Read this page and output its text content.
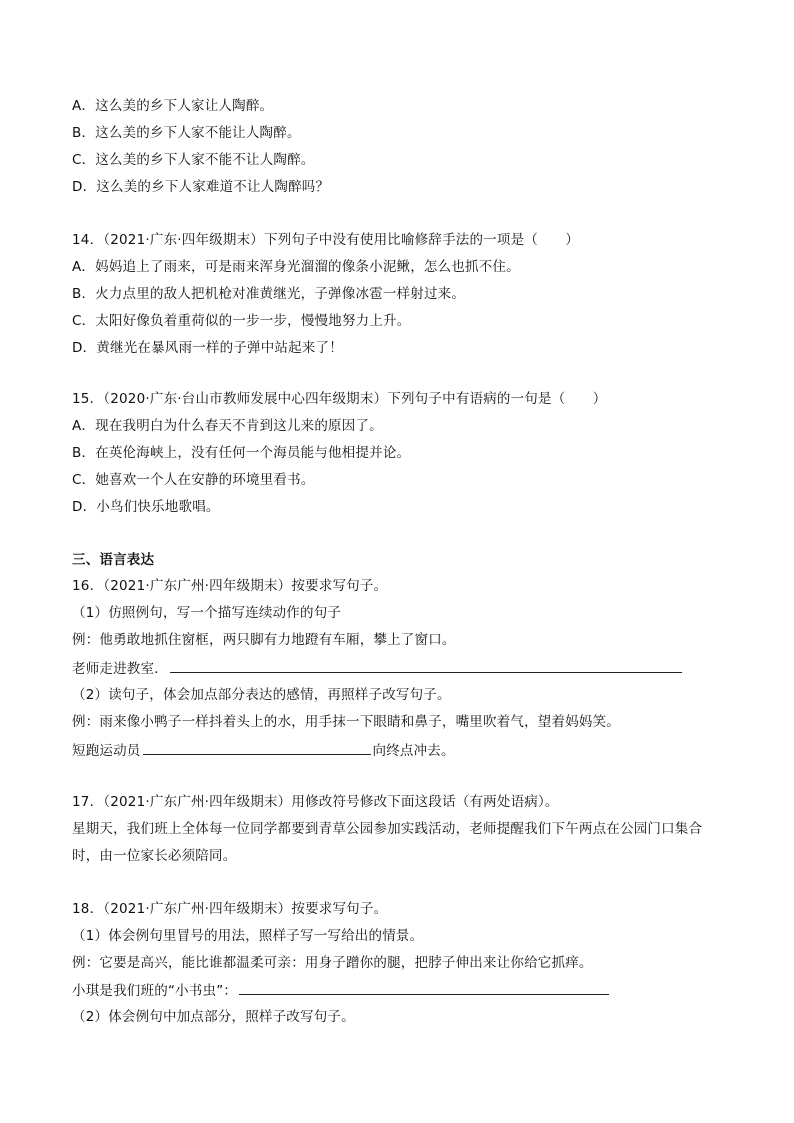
A．这么美的乡下人家让人陶醉。
B．这么美的乡下人家不能让人陶醉。
C．这么美的乡下人家不能不让人陶醉。
D．这么美的乡下人家难道不让人陶醉吗？
14．（2021·广东·四年级期末）下列句子中没有使用比喻修辞手法的一项是（　　）
A．妈妈追上了雨来，可是雨来浑身光溜溜的像条小泥鳅，怎么也抓不住。
B．火力点里的敌人把机枪对准黄继光，子弹像冰雹一样射过来。
C．太阳好像负着重荷似的一步一步，慢慢地努力上升。
D．黄继光在暴风雨一样的子弹中站起来了！
15．（2020·广东·台山市教师发展中心四年级期末）下列句子中有语病的一句是（　　）
A．现在我明白为什么春天不肯到这儿来的原因了。
B．在英伦海峡上，没有任何一个海员能与他相提并论。
C．她喜欢一个人在安静的环境里看书。
D．小鸟们快乐地歌唱。
三、语言表达
16．（2021·广东广州·四年级期末）按要求写句子。
（1）仿照例句，写一个描写连续动作的句子
例：他勇敢地抓住窗框，两只脚有力地蹬有车厢，攀上了窗口。
老师走进教室．
（2）读句子，体会加点部分表达的感情，再照样子改写句子。
例：雨来像小鸭子一样抖着头上的水，用手抹一下眼睛和鼻子，嘴里吹着气，望着妈妈笑。
短跑运动员	向终点冲去。
17．（2021·广东广州·四年级期末）用修改符号修改下面这段话（有两处语病）。
星期天，我们班上全体每一位同学都要到青草公园参加实践活动，老师提醒我们下午两点在公园门口集合
时，由一位家长必须陪同。
18．（2021·广东广州·四年级期末）按要求写句子。
（1）体会例句里冒号的用法，照样子写一写给出的情景。
例：它要是高兴，能比谁都温柔可亲：用身子蹭你的腿，把脖子伸出来让你给它抓痒。
小琪是我们班的“小书虫”：
（2）体会例句中加点部分，照样子改写句子。
